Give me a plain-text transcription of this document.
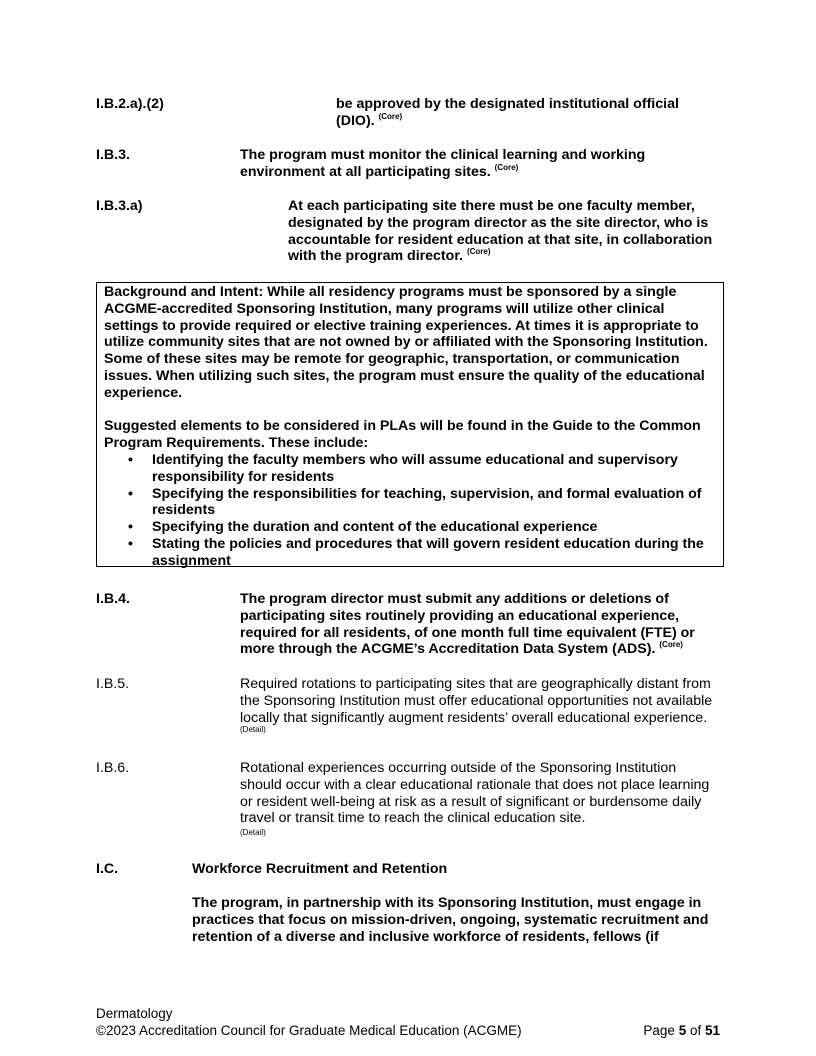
I.B.2.a).(2)	be approved by the designated institutional official (DIO). $^{(Core)}$
I.B.3.	The program must monitor the clinical learning and working environment at all participating sites. $^{(Core)}$
I.B.3.a)	At each participating site there must be one faculty member, designated by the program director as the site director, who is accountable for resident education at that site, in collaboration with the program director. $^{(Core)}$

Background and Intent: While all residency programs must be sponsored by a single ACGME-accredited Sponsoring Institution, many programs will utilize other clinical settings to provide required or elective training experiences. At times it is appropriate to utilize community sites that are not owned by or affiliated with the Sponsoring Institution. Some of these sites may be remote for geographic, transportation, or communication issues. When utilizing such sites, the program must ensure the quality of the educational experience.

Suggested elements to be considered in PLAs will be found in the Guide to the Common Program Requirements. These include:

• Identifying the faculty members who will assume educational and supervisory responsibility for residents
• Specifying the responsibilities for teaching, supervision, and formal evaluation of residents
• Specifying the duration and content of the educational experience
• Stating the policies and procedures that will govern resident education during the assignment
I.B.4.	The program director must submit any additions or deletions of participating sites routinely providing an educational experience, required for all residents, of one month full time equivalent (FTE) or more through the ACGME’s Accreditation Data System (ADS). $^{(Core)}$
I.B.5.	Required rotations to participating sites that are geographically distant from the Sponsoring Institution must offer educational opportunities not available locally that significantly augment residents’ overall educational experience. $^{(Detail)}$
I.B.6.	Rotational experiences occurring outside of the Sponsoring Institution should occur with a clear educational rationale that does not place learning or resident well-being at risk as a result of significant or burdensome daily travel or transit time to reach the clinical education site.
(Detail)
I.C.	Workforce Recruitment and Retention
The program, in partnership with its Sponsoring Institution, must engage in practices that focus on mission-driven, ongoing, systematic recruitment and retention of a diverse and inclusive workforce of residents, fellows (if
Dermatology
©2023 Accreditation Council for Graduate Medical Education (ACGME)	Page 5 of 51
